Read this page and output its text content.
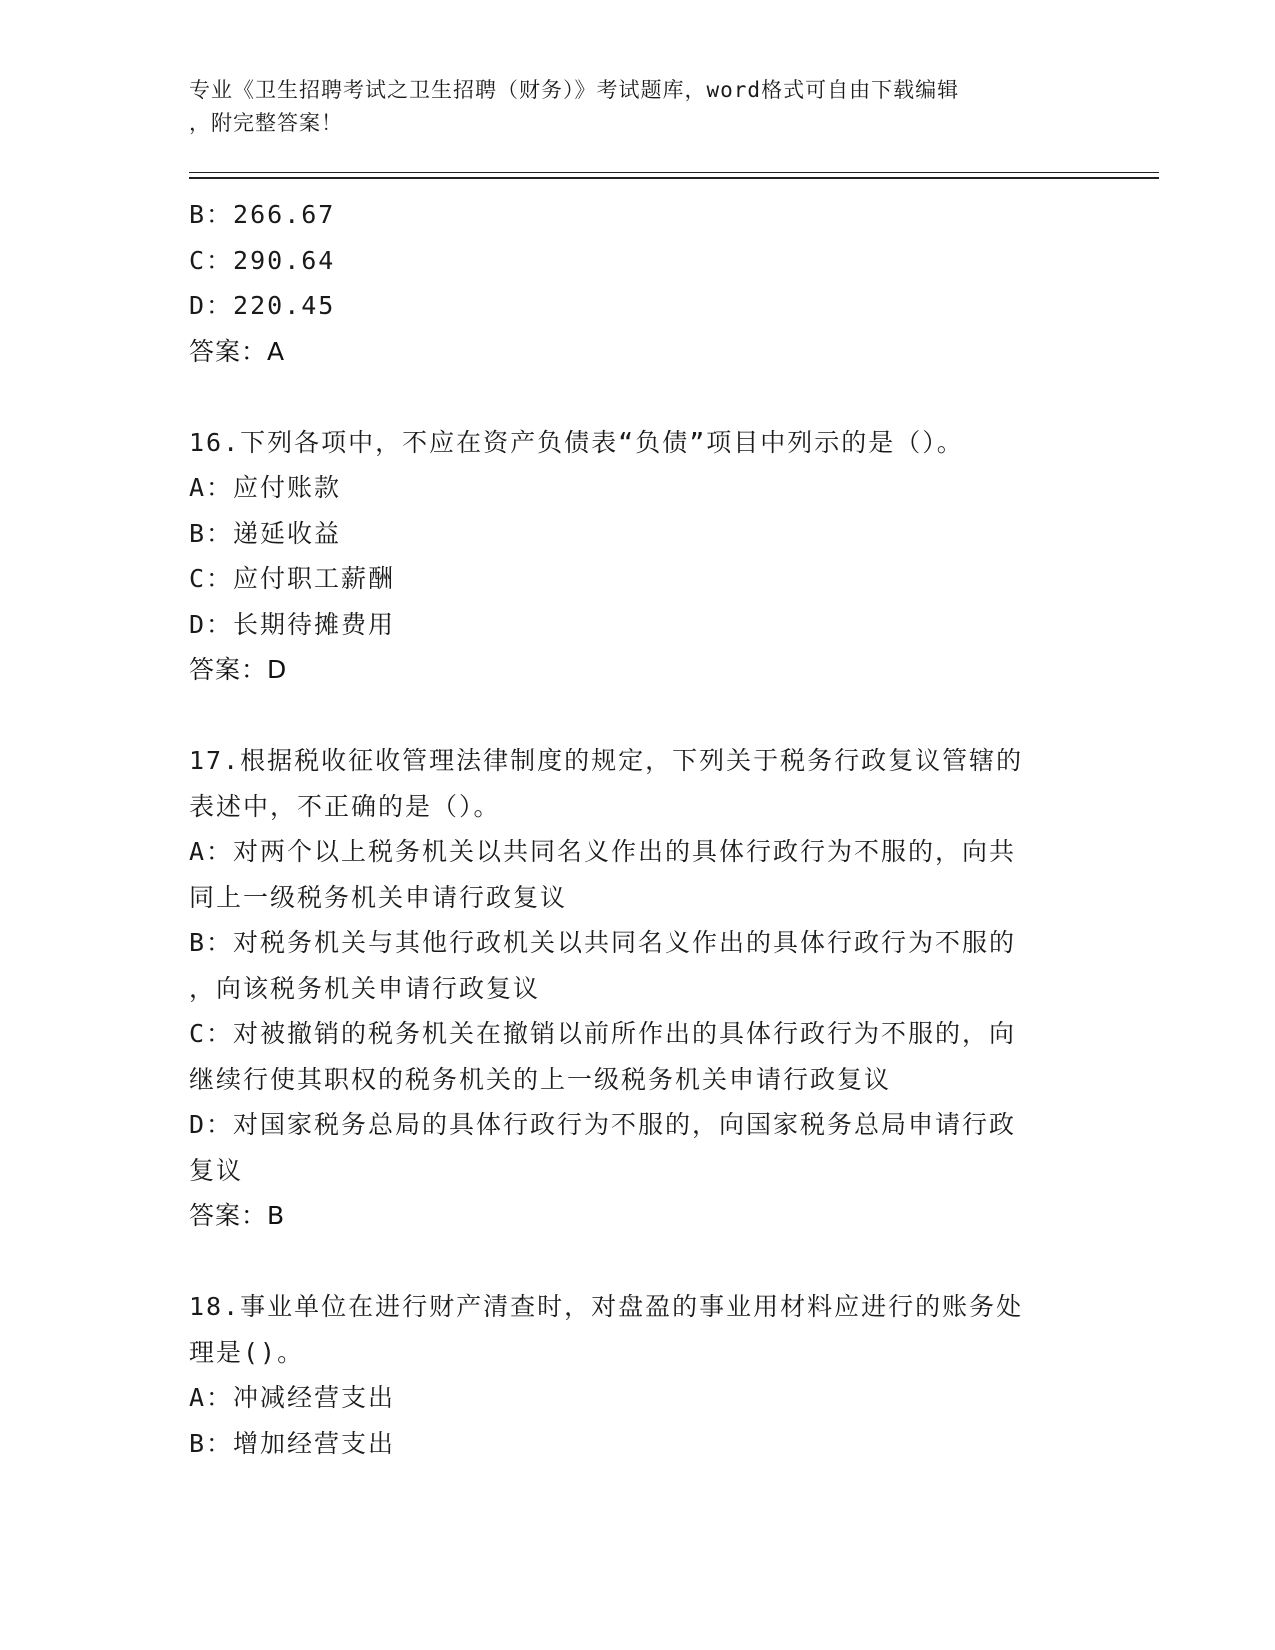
专业《卫生招聘考试之卫生招聘（财务）》考试题库，word格式可自由下载编辑
，附完整答案！
B：266.67
C：290.64
D：220.45
答案：A
16.下列各项中，不应在资产负债表“负债”项目中列示的是（）。
A：应付账款
B：递延收益
C：应付职工薪酬
D：长期待摊费用
答案：D
17.根据税收征收管理法律制度的规定，下列关于税务行政复议管辖的
表述中，不正确的是（）。
A：对两个以上税务机关以共同名义作出的具体行政行为不服的，向共
同上一级税务机关申请行政复议
B：对税务机关与其他行政机关以共同名义作出的具体行政行为不服的
，向该税务机关申请行政复议
C：对被撤销的税务机关在撤销以前所作出的具体行政行为不服的，向
继续行使其职权的税务机关的上一级税务机关申请行政复议
D：对国家税务总局的具体行政行为不服的，向国家税务总局申请行政
复议
答案：B
18.事业单位在进行财产清查时，对盘盈的事业用材料应进行的账务处
理是()。
A：冲减经营支出
B：增加经营支出
